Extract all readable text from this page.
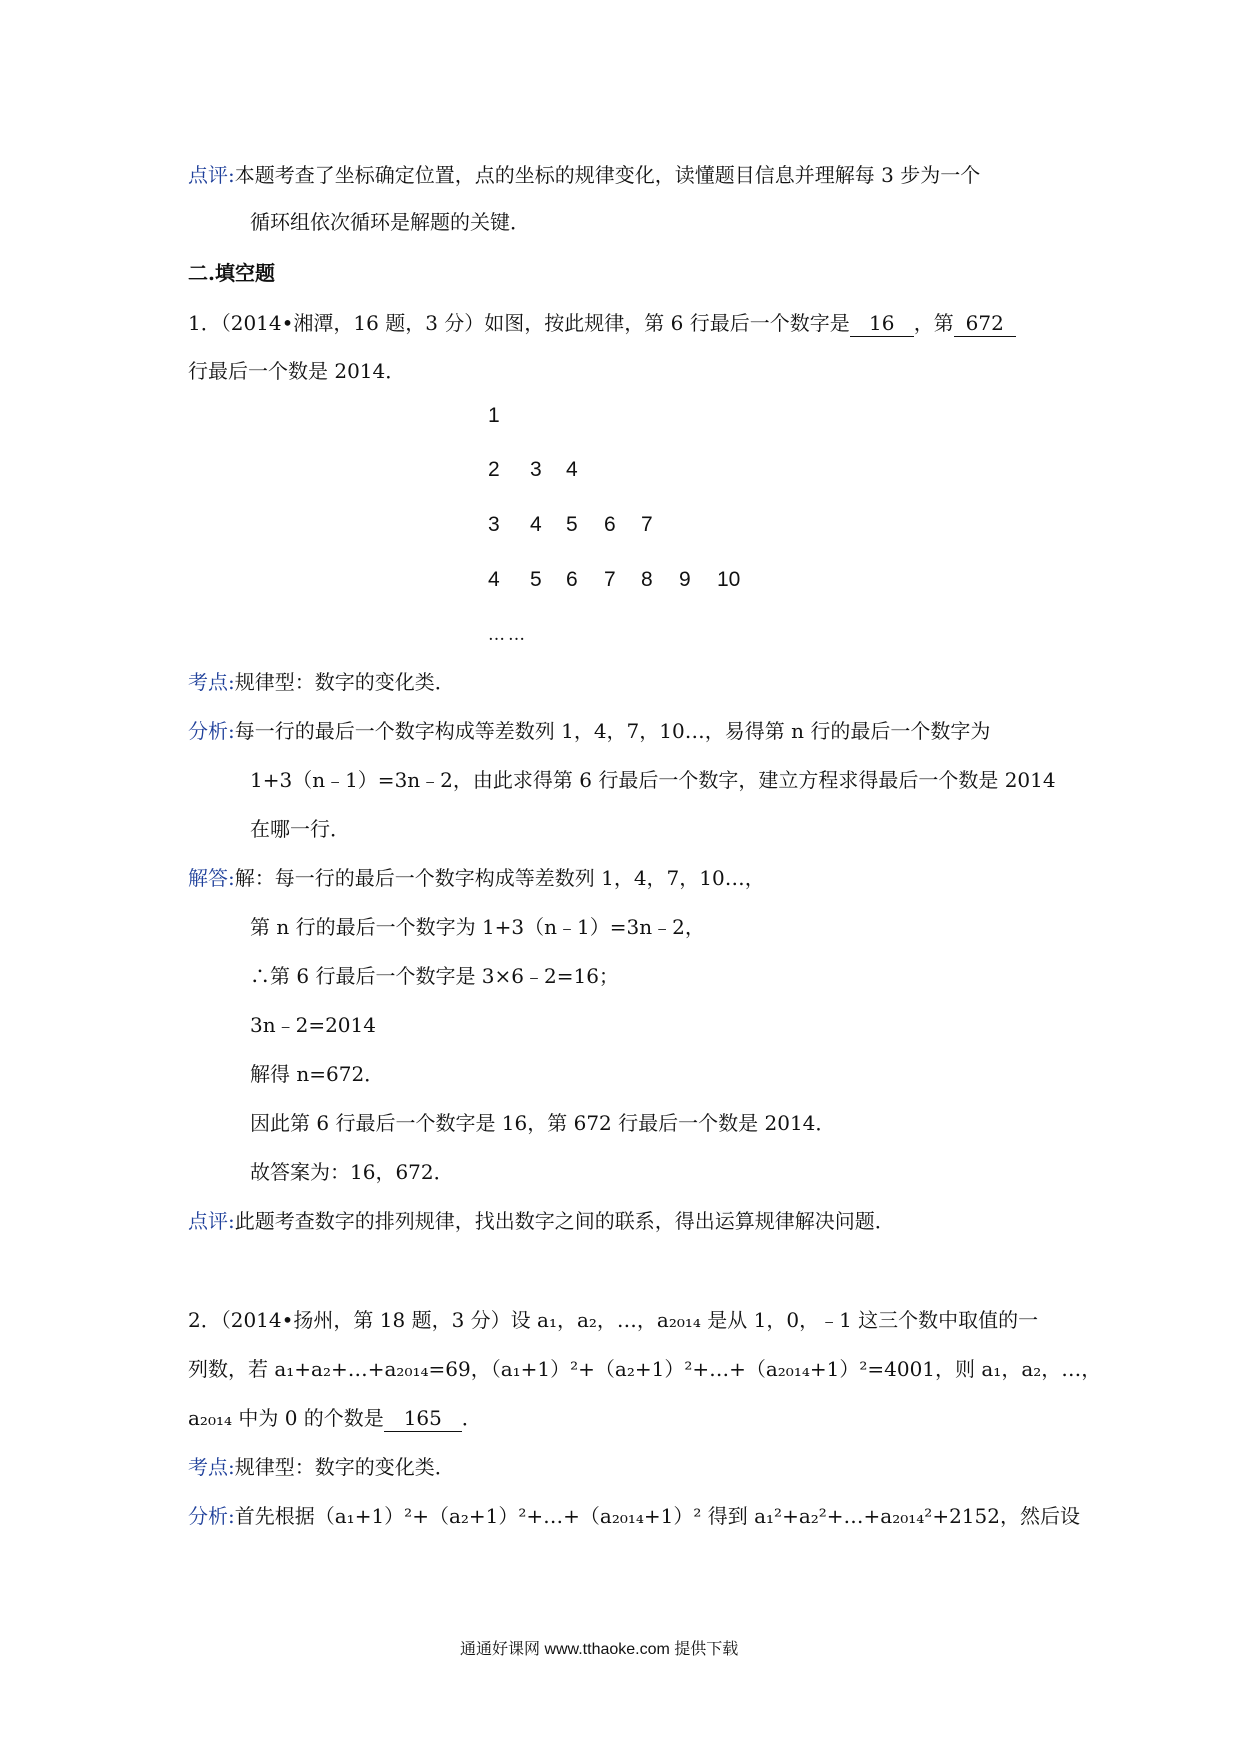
点评:本题考查了坐标确定位置，点的坐标的规律变化，读懂题目信息并理解每 3 步为一个
循环组依次循环是解题的关键．
二.填空题
1．（2014•湘潭，16 题，3 分）如图，按此规律，第 6 行最后一个数字是 16 ，第 672
行最后一个数是 2014．
1
2 3 4
3 4 5 6 7
4 5 6 7 8 9 10
……
考点:规律型：数字的变化类．
分析:每一行的最后一个数字构成等差数列 1，4，7，10…，易得第 n 行的最后一个数字为
1+3（n﹣1）=3n﹣2，由此求得第 6 行最后一个数字，建立方程求得最后一个数是 2014
在哪一行．
解答:解：每一行的最后一个数字构成等差数列 1，4，7，10…，
第 n 行的最后一个数字为 1+3（n﹣1）=3n﹣2，
∴第 6 行最后一个数字是 3×6﹣2=16；
3n﹣2=2014
解得 n=672．
因此第 6 行最后一个数字是 16，第 672 行最后一个数是 2014．
故答案为：16，672．
点评:此题考查数字的排列规律，找出数字之间的联系，得出运算规律解决问题．
2．（2014•扬州，第 18 题，3 分）设 a₁，a₂，…，a₂₀₁₄ 是从 1，0，﹣1 这三个数中取值的一
列数，若 a₁+a₂+…+a₂₀₁₄=69，（a₁+1）²+（a₂+1）²+…+（a₂₀₁₄+1）²=4001，则 a₁，a₂，…，
a₂₀₁₄ 中为 0 的个数是 165 ．
考点:规律型：数字的变化类．
分析:首先根据（a₁+1）²+（a₂+1）²+…+（a₂₀₁₄+1）² 得到 a₁²+a₂²+…+a₂₀₁₄²+2152，然后设
通通好课网 www.tthaoke.com 提供下载
